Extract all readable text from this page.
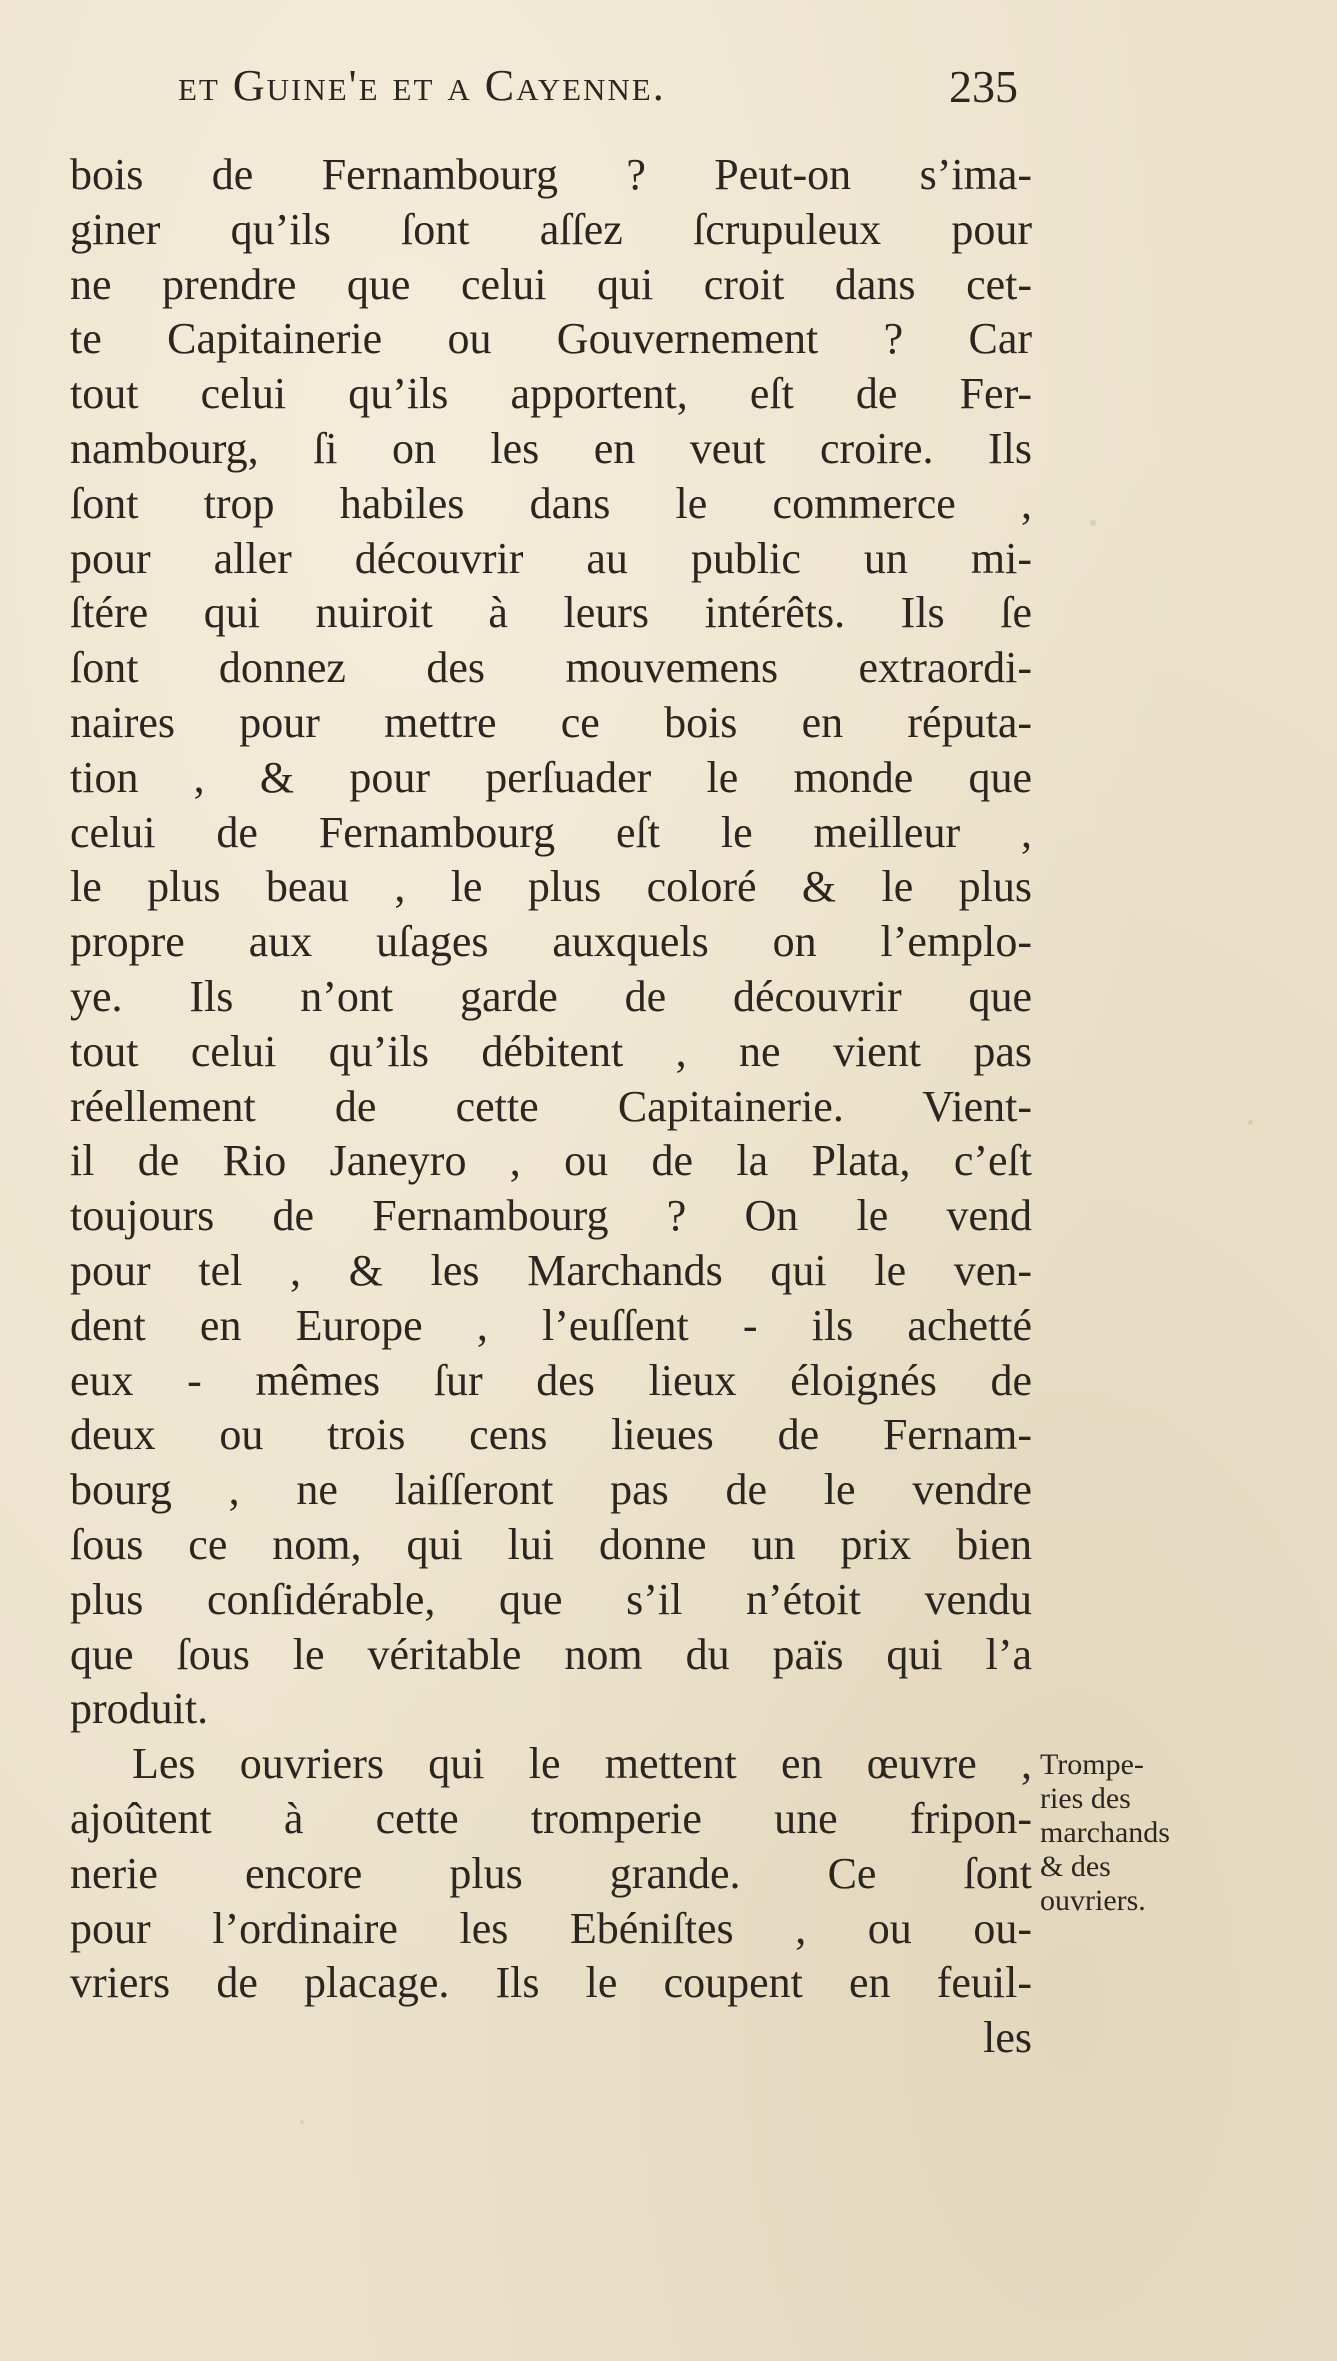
et Guine'e et a Cayenne.	235
bois de Fernambourg ? Peut-on s’ima-
giner qu’ils ſont aſſez ſcrupuleux pour
ne prendre que celui qui croit dans cet-
te Capitainerie ou Gouvernement ? Car
tout celui qu’ils apportent, eſt de Fer-
nambourg, ſi on les en veut croire. Ils
ſont trop habiles dans le commerce ,
pour aller découvrir au public un mi-
ſtére qui nuiroit à leurs intérêts. Ils ſe
ſont donnez des mouvemens extraordi-
naires pour mettre ce bois en réputa-
tion , & pour perſuader le monde que
celui de Fernambourg eſt le meilleur ,
le plus beau , le plus coloré & le plus
propre aux uſages auxquels on l’emplo-
ye. Ils n’ont garde de découvrir que
tout celui qu’ils débitent , ne vient pas
réellement de cette Capitainerie. Vient-
il de Rio Janeyro , ou de la Plata, c’eſt
toujours de Fernambourg ? On le vend
pour tel , & les Marchands qui le ven-
dent en Europe , l’euſſent - ils achetté
eux - mêmes ſur des lieux éloignés de
deux ou trois cens lieues de Fernam-
bourg , ne laiſſeront pas de le vendre
ſous ce nom, qui lui donne un prix bien
plus conſidérable, que s’il n’étoit vendu
que ſous le véritable nom du païs qui l’a
produit.
Les ouvriers qui le mettent en œuvre ,
ajoûtent à cette tromperie une fripon-
nerie encore plus grande. Ce ſont
pour l’ordinaire les Ebéniſtes , ou ou-
vriers de placage. Ils le coupent en feuil-
les
Trompe-
ries des
marchands
& des
ouvriers.
